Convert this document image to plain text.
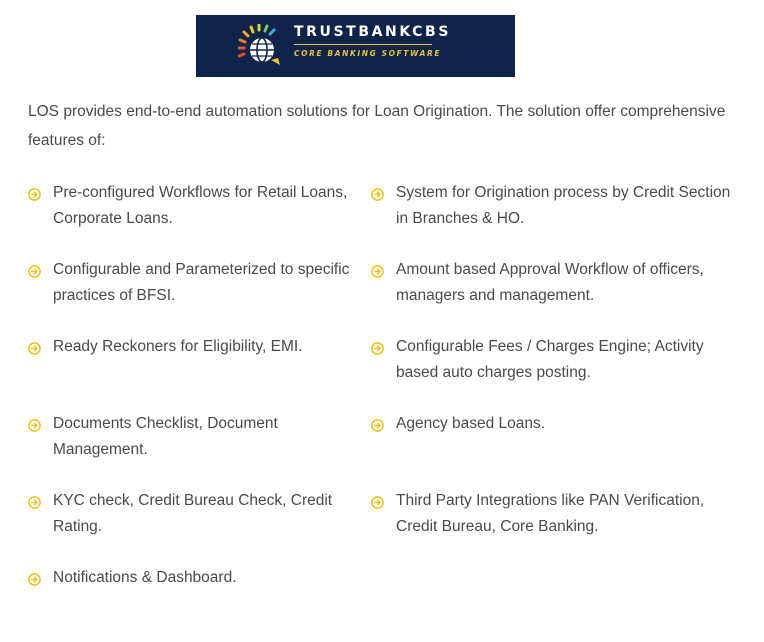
TRUSTBANKCBS
CORE BANKING SOFTWARE

LOS provides end-to-end automation solutions for Loan Origination. The solution offer comprehensive features of:

Pre-configured Workflows for Retail Loans, Corporate Loans.
Configurable and Parameterized to specific practices of BFSI.
Ready Reckoners for Eligibility, EMI.
Documents Checklist, Document Management.
KYC check, Credit Bureau Check, Credit Rating.
Notifications & Dashboard.
System for Origination process by Credit Section in Branches & HO.
Amount based Approval Workflow of officers, managers and management.
Configurable Fees / Charges Engine; Activity based auto charges posting.
Agency based Loans.
Third Party Integrations like PAN Verification, Credit Bureau, Core Banking.
